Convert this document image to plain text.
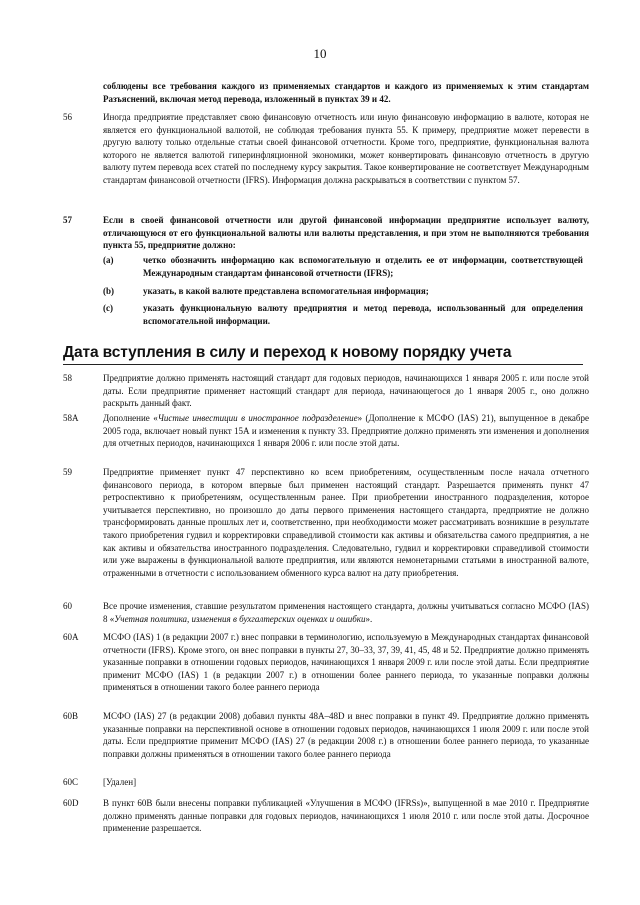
10
соблюдены все требования каждого из применяемых стандартов и каждого из применяемых к этим стандартам Разъяснений, включая метод перевода, изложенный в пунктах 39 и 42.
56	Иногда предприятие представляет свою финансовую отчетность или иную финансовую информацию в валюте, которая не является его функциональной валютой, не соблюдая требования пункта 55. К примеру, предприятие может перевести в другую валюту только отдельные статьи своей финансовой отчетности. Кроме того, предприятие, функциональная валюта которого не является валютой гиперинфляционной экономики, может конвертировать финансовую отчетность в другую валюту путем перевода всех статей по последнему курсу закрытия. Такое конвертирование не соответствует Международным стандартам финансовой отчетности (IFRS). Информация должна раскрываться в соответствии с пунктом 57.
57	Если в своей финансовой отчетности или другой финансовой информации предприятие использует валюту, отличающуюся от его функциональной валюты или валюты представления, и при этом не выполняются требования пункта 55, предприятие должно:
(a)	четко обозначить информацию как вспомогательную и отделить ее от информации, соответствующей Международным стандартам финансовой отчетности (IFRS);
(b)	указать, в какой валюте представлена вспомогательная информация;
(c)	указать функциональную валюту предприятия и метод перевода, использованный для определения вспомогательной информации.
Дата вступления в силу и переход к новому порядку учета
58	Предприятие должно применять настоящий стандарт для годовых периодов, начинающихся 1 января 2005 г. или после этой даты. Если предприятие применяет настоящий стандарт для периода, начинающегося до 1 января 2005 г., оно должно раскрыть данный факт.
58A	Дополнение «Чистые инвестиции в иностранное подразделение» (Дополнение к МСФО (IAS) 21), выпущенное в декабре 2005 года, включает новый пункт 15А и изменения к пункту 33. Предприятие должно применять эти изменения и дополнения для отчетных периодов, начинающихся 1 января 2006 г. или после этой даты.
59	Предприятие применяет пункт 47 перспективно ко всем приобретениям, осуществленным после начала отчетного финансового периода, в котором впервые был применен настоящий стандарт. Разрешается применять пункт 47 ретроспективно к приобретениям, осуществленным ранее. При приобретении иностранного подразделения, которое учитывается перспективно, но произошло до даты первого применения настоящего стандарта, предприятие не должно трансформировать данные прошлых лет и, соответственно, при необходимости может рассматривать возникшие в результате такого приобретения гудвил и корректировки справедливой стоимости как активы и обязательства самого предприятия, а не как активы и обязательства иностранного подразделения. Следовательно, гудвил и корректировки справедливой стоимости или уже выражены в функциональной валюте предприятия, или являются немонетарными статьями в иностранной валюте, отраженными в отчетности с использованием обменного курса валют на дату приобретения.
60	Все прочие изменения, ставшие результатом применения настоящего стандарта, должны учитываться согласно МСФО (IAS) 8 «Учетная политика, изменения в бухгалтерских оценках и ошибки».
60A	МСФО (IAS) 1 (в редакции 2007 г.) внес поправки в терминологию, используемую в Международных стандартах финансовой отчетности (IFRS). Кроме этого, он внес поправки в пункты 27, 30–33, 37, 39, 41, 45, 48 и 52. Предприятие должно применять указанные поправки в отношении годовых периодов, начинающихся 1 января 2009 г. или после этой даты. Если предприятие применит МСФО (IAS) 1 (в редакции 2007 г.) в отношении более раннего периода, то указанные поправки должны применяться в отношении такого более раннего периода
60B	МСФО (IAS) 27 (в редакции 2008) добавил пункты 48A–48D и внес поправки в пункт 49. Предприятие должно применять указанные поправки на перспективной основе в отношении годовых периодов, начинающихся 1 июля 2009 г. или после этой даты. Если предприятие применит МСФО (IAS) 27 (в редакции 2008 г.) в отношении более раннего периода, то указанные поправки должны применяться в отношении такого более раннего периода
60C	[Удален]
60D	В пункт 60В были внесены поправки публикацией «Улучшения в МСФО (IFRSs)», выпущенной в мае 2010 г. Предприятие должно применять данные поправки для годовых периодов, начинающихся 1 июля 2010 г. или после этой даты. Досрочное применение разрешается.
